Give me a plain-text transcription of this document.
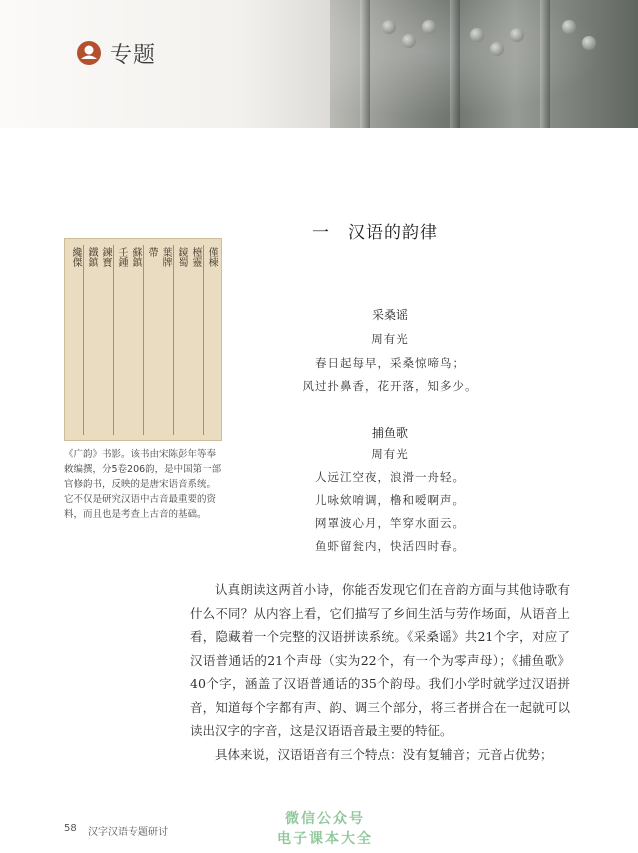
专题
纔傑 鐵鎮 鍊寶 壬鍾 蘇鎮 帶 葉牌 鏡蜀 檯靈 僅棟
《广韵》书影。该书由宋陈彭年等奉敕编撰，分5卷206韵，是中国第一部官修韵书，反映的是唐宋语音系统。它不仅是研究汉语中古音最重要的资料，而且也是考查上古音的基础。
一　汉语的韵律
采桑谣
周有光
春日起每早，采桑惊啼鸟；
风过扑鼻香，花开落，知多少。
捕鱼歌
周有光
人远江空夜，浪滑一舟轻。
儿咏欸唷调，橹和嗳啊声。
网罩波心月，竿穿水面云。
鱼虾留瓮内，快活四时春。

认真朗读这两首小诗，你能否发现它们在音韵方面与其他诗歌有什么不同？从内容上看，它们描写了乡间生活与劳作场面，从语音上看，隐藏着一个完整的汉语拼读系统。《采桑谣》共21个字，对应了汉语普通话的21个声母（实为22个，有一个为零声母）；《捕鱼歌》40个字，涵盖了汉语普通话的35个韵母。我们小学时就学过汉语拼音，知道每个字都有声、韵、调三个部分，将三者拼合在一起就可以读出汉字的字音，这是汉语语音最主要的特征。

具体来说，汉语语音有三个特点：没有复辅音；元音占优势；

58 汉字汉语专题研讨
微信公众号
电子课本大全
